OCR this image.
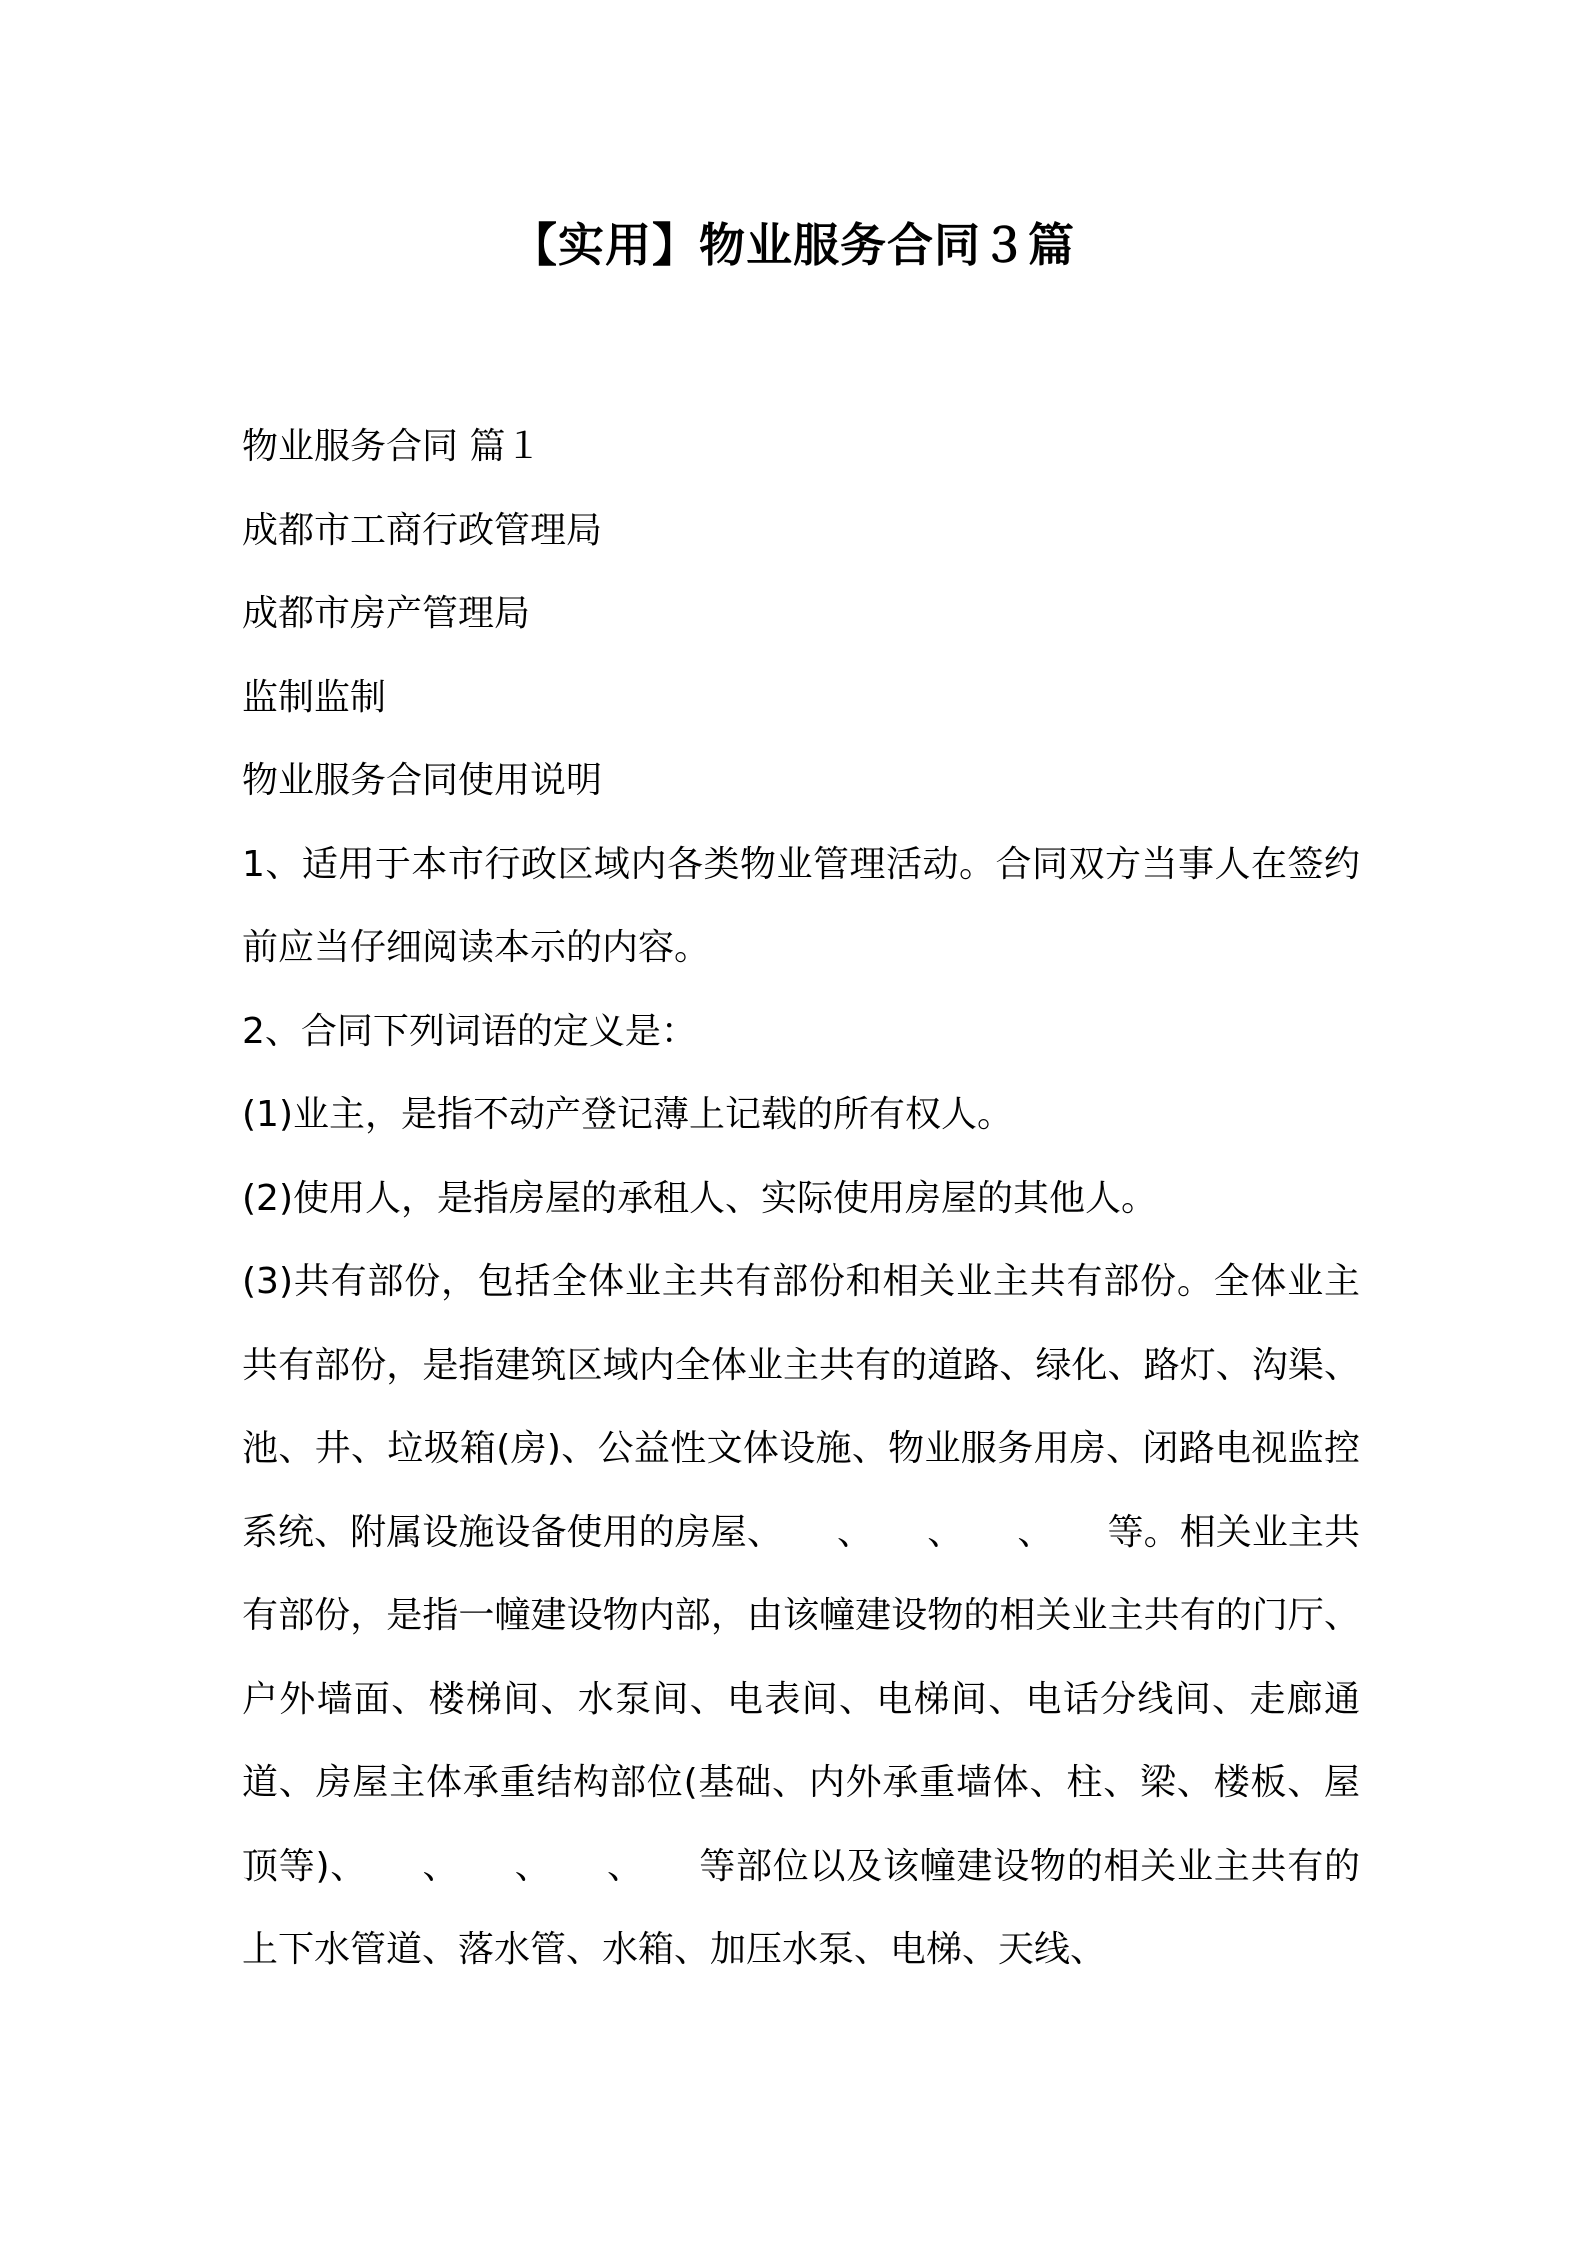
【实用】物业服务合同３篇

物业服务合同 篇１

成都市工商行政管理局

成都市房产管理局

监制监制

物业服务合同使用说明

1、适用于本市行政区域内各类物业管理活动。合同双方当事人在签约前应当仔细阅读本示的内容。

2、合同下列词语的定义是：

(1)业主，是指不动产登记薄上记载的所有权人。

(2)使用人，是指房屋的承租人、实际使用房屋的其他人。

(3)共有部份，包括全体业主共有部份和相关业主共有部份。全体业主共有部份，是指建筑区域内全体业主共有的道路、绿化、路灯、沟渠、池、井、垃圾箱(房)、公益性文体设施、物业服务用房、闭路电视监控系统、附属设施设备使用的房屋、　　、　　、　　、　　等。相关业主共有部份，是指一幢建设物内部，由该幢建设物的相关业主共有的门厅、户外墙面、楼梯间、水泵间、电表间、电梯间、电话分线间、走廊通道、房屋主体承重结构部位(基础、内外承重墙体、柱、梁、楼板、屋顶等)、　　、　　、　　、　　等部位以及该幢建设物的相关业主共有的上下水管道、落水管、水箱、加压水泵、电梯、天线、
